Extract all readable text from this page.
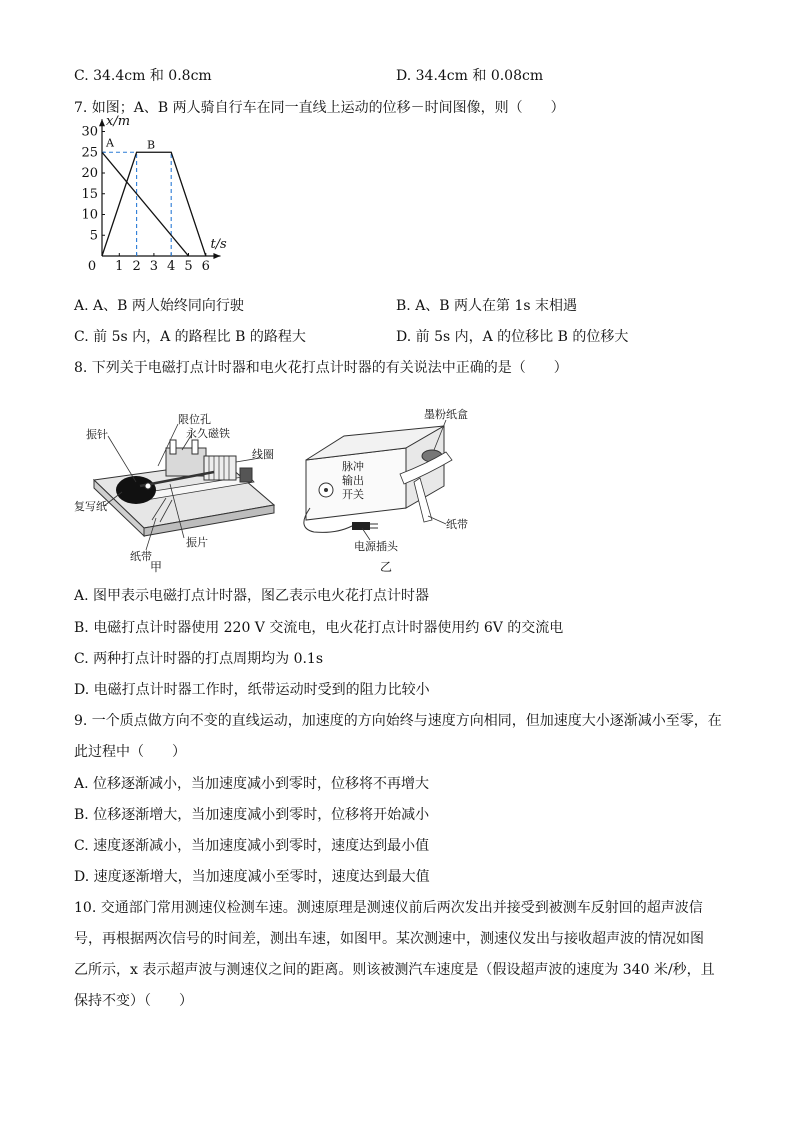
C. 34.4cm 和 0.8cm	D. 34.4cm 和 0.08cm
7. 如图；A、B 两人骑自行车在同一直线上运动的位移－时间图像，则（　　）
1 2 3 4 5 6
5
10
15
20
25
30
0
x/m
t/s
A	B
A. A、B 两人始终同向行驶	B. A、B 两人在第 1s 末相遇
C. 前 5s 内，A 的路程比 B 的路程大	D. 前 5s 内，A 的位移比 B 的位移大
8. 下列关于电磁打点计时器和电火花打点计时器的有关说法中正确的是（　　）
限位孔
永久磁铁
振针
线圈
复写纸
振片
纸带
甲
墨粉纸盒
脉冲
输出
开关
纸带
电源插头
乙
A. 图甲表示电磁打点计时器，图乙表示电火花打点计时器
B. 电磁打点计时器使用 220 V 交流电，电火花打点计时器使用约 6V 的交流电
C. 两种打点计时器的打点周期均为 0.1s
D. 电磁打点计时器工作时，纸带运动时受到的阻力比较小
9. 一个质点做方向不变的直线运动，加速度的方向始终与速度方向相同，但加速度大小逐渐减小至零，在
此过程中（　　）
A. 位移逐渐减小，当加速度减小到零时，位移将不再增大
B. 位移逐渐增大，当加速度减小到零时，位移将开始减小
C. 速度逐渐减小，当加速度减小到零时，速度达到最小值
D. 速度逐渐增大，当加速度减小至零时，速度达到最大值
10. 交通部门常用测速仪检测车速。测速原理是测速仪前后两次发出并接受到被测车反射回的超声波信
号，再根据两次信号的时间差，测出车速，如图甲。某次测速中，测速仪发出与接收超声波的情况如图
乙所示，x 表示超声波与测速仪之间的距离。则该被测汽车速度是（假设超声波的速度为 340 米/秒，且
保持不变）（　　）
